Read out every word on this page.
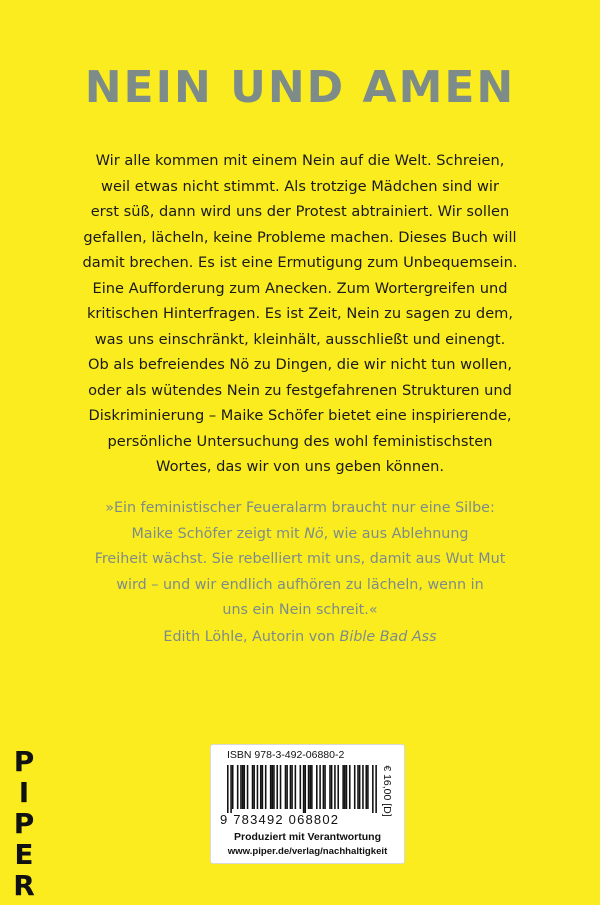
NEIN UND AMEN
Wir alle kommen mit einem Nein auf die Welt. Schreien,
weil etwas nicht stimmt. Als trotzige Mädchen sind wir
erst süß, dann wird uns der Protest abtrainiert. Wir sollen
gefallen, lächeln, keine Probleme machen. Dieses Buch will
damit brechen. Es ist eine Ermutigung zum Unbequemsein.
Eine Aufforderung zum Anecken. Zum Wortergreifen und
kritischen Hinterfragen. Es ist Zeit, Nein zu sagen zu dem,
was uns einschränkt, kleinhält, ausschließt und einengt.
Ob als befreiendes Nö zu Dingen, die wir nicht tun wollen,
oder als wütendes Nein zu festgefahrenen Strukturen und
Diskriminierung – Maike Schöfer bietet eine inspirierende,
persönliche Untersuchung des wohl feministischsten
Wortes, das wir von uns geben können.
»Ein feministischer Feueralarm braucht nur eine Silbe:
Maike Schöfer zeigt mit Nö, wie aus Ablehnung
Freiheit wächst. Sie rebelliert mit uns, damit aus Wut Mut
wird – und wir endlich aufhören zu lächeln, wenn in
uns ein Nein schreit.«
Edith Löhle, Autorin von Bible Bad Ass
P
I
P
E
R
ISBN 978-3-492-06880-2
9 783492 068802
€ 16,00 [D]
Produziert mit Verantwortung
www.piper.de/verlag/nachhaltigkeit
